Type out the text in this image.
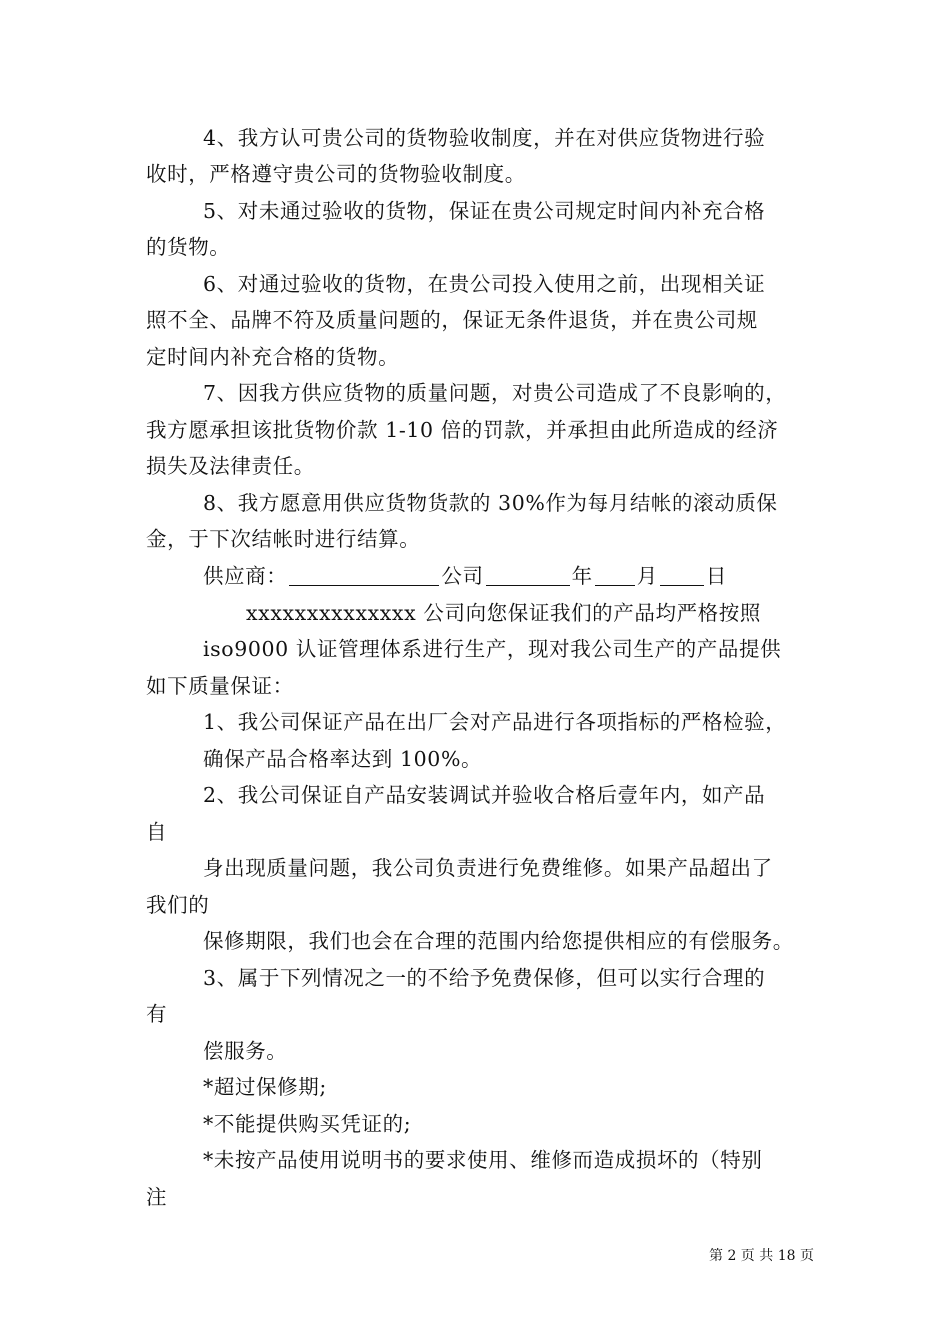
4、我方认可贵公司的货物验收制度，并在对供应货物进行验
收时，严格遵守贵公司的货物验收制度。
5、对未通过验收的货物，保证在贵公司规定时间内补充合格
的货物。
6、对通过验收的货物，在贵公司投入使用之前，出现相关证
照不全、品牌不符及质量问题的，保证无条件退货，并在贵公司规
定时间内补充合格的货物。
7、因我方供应货物的质量问题，对贵公司造成了不良影响的，
我方愿承担该批货物价款 1-10 倍的罚款，并承担由此所造成的经济
损失及法律责任。
8、我方愿意用供应货物货款的 30%作为每月结帐的滚动质保
金，于下次结帐时进行结算。
供应商：	公司	年 月 日
xxxxxxxxxxxxxx 公司向您保证我们的产品均严格按照
iso9000 认证管理体系进行生产，现对我公司生产的产品提供
如下质量保证：
1、我公司保证产品在出厂会对产品进行各项指标的严格检验，
确保产品合格率达到 100%。
2、我公司保证自产品安装调试并验收合格后壹年内，如产品
自
身出现质量问题，我公司负责进行免费维修。如果产品超出了
我们的
保修期限，我们也会在合理的范围内给您提供相应的有偿服务。
3、属于下列情况之一的不给予免费保修，但可以实行合理的
有
偿服务。
*超过保修期;
*不能提供购买凭证的;
*未按产品使用说明书的要求使用、维修而造成损坏的（特别
注
第 2 页 共 18 页
